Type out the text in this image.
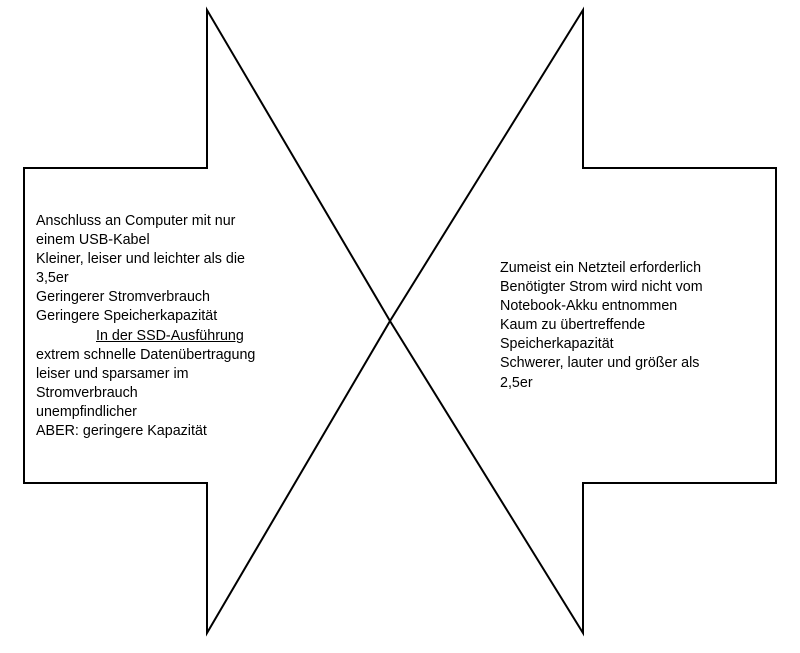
Anschluss an Computer mit nur
einem USB-Kabel
Kleiner, leiser und leichter als die
3,5er
Geringerer Stromverbrauch
Geringere Speicherkapazität
In der SSD-Ausführung
extrem schnelle Datenübertragung
leiser und sparsamer im
Stromverbrauch
unempfindlicher
ABER: geringere Kapazität
Zumeist ein Netzteil erforderlich
Benötigter Strom wird nicht vom
Notebook-Akku entnommen
Kaum zu übertreffende
Speicherkapazität
Schwerer, lauter und größer als
2,5er
